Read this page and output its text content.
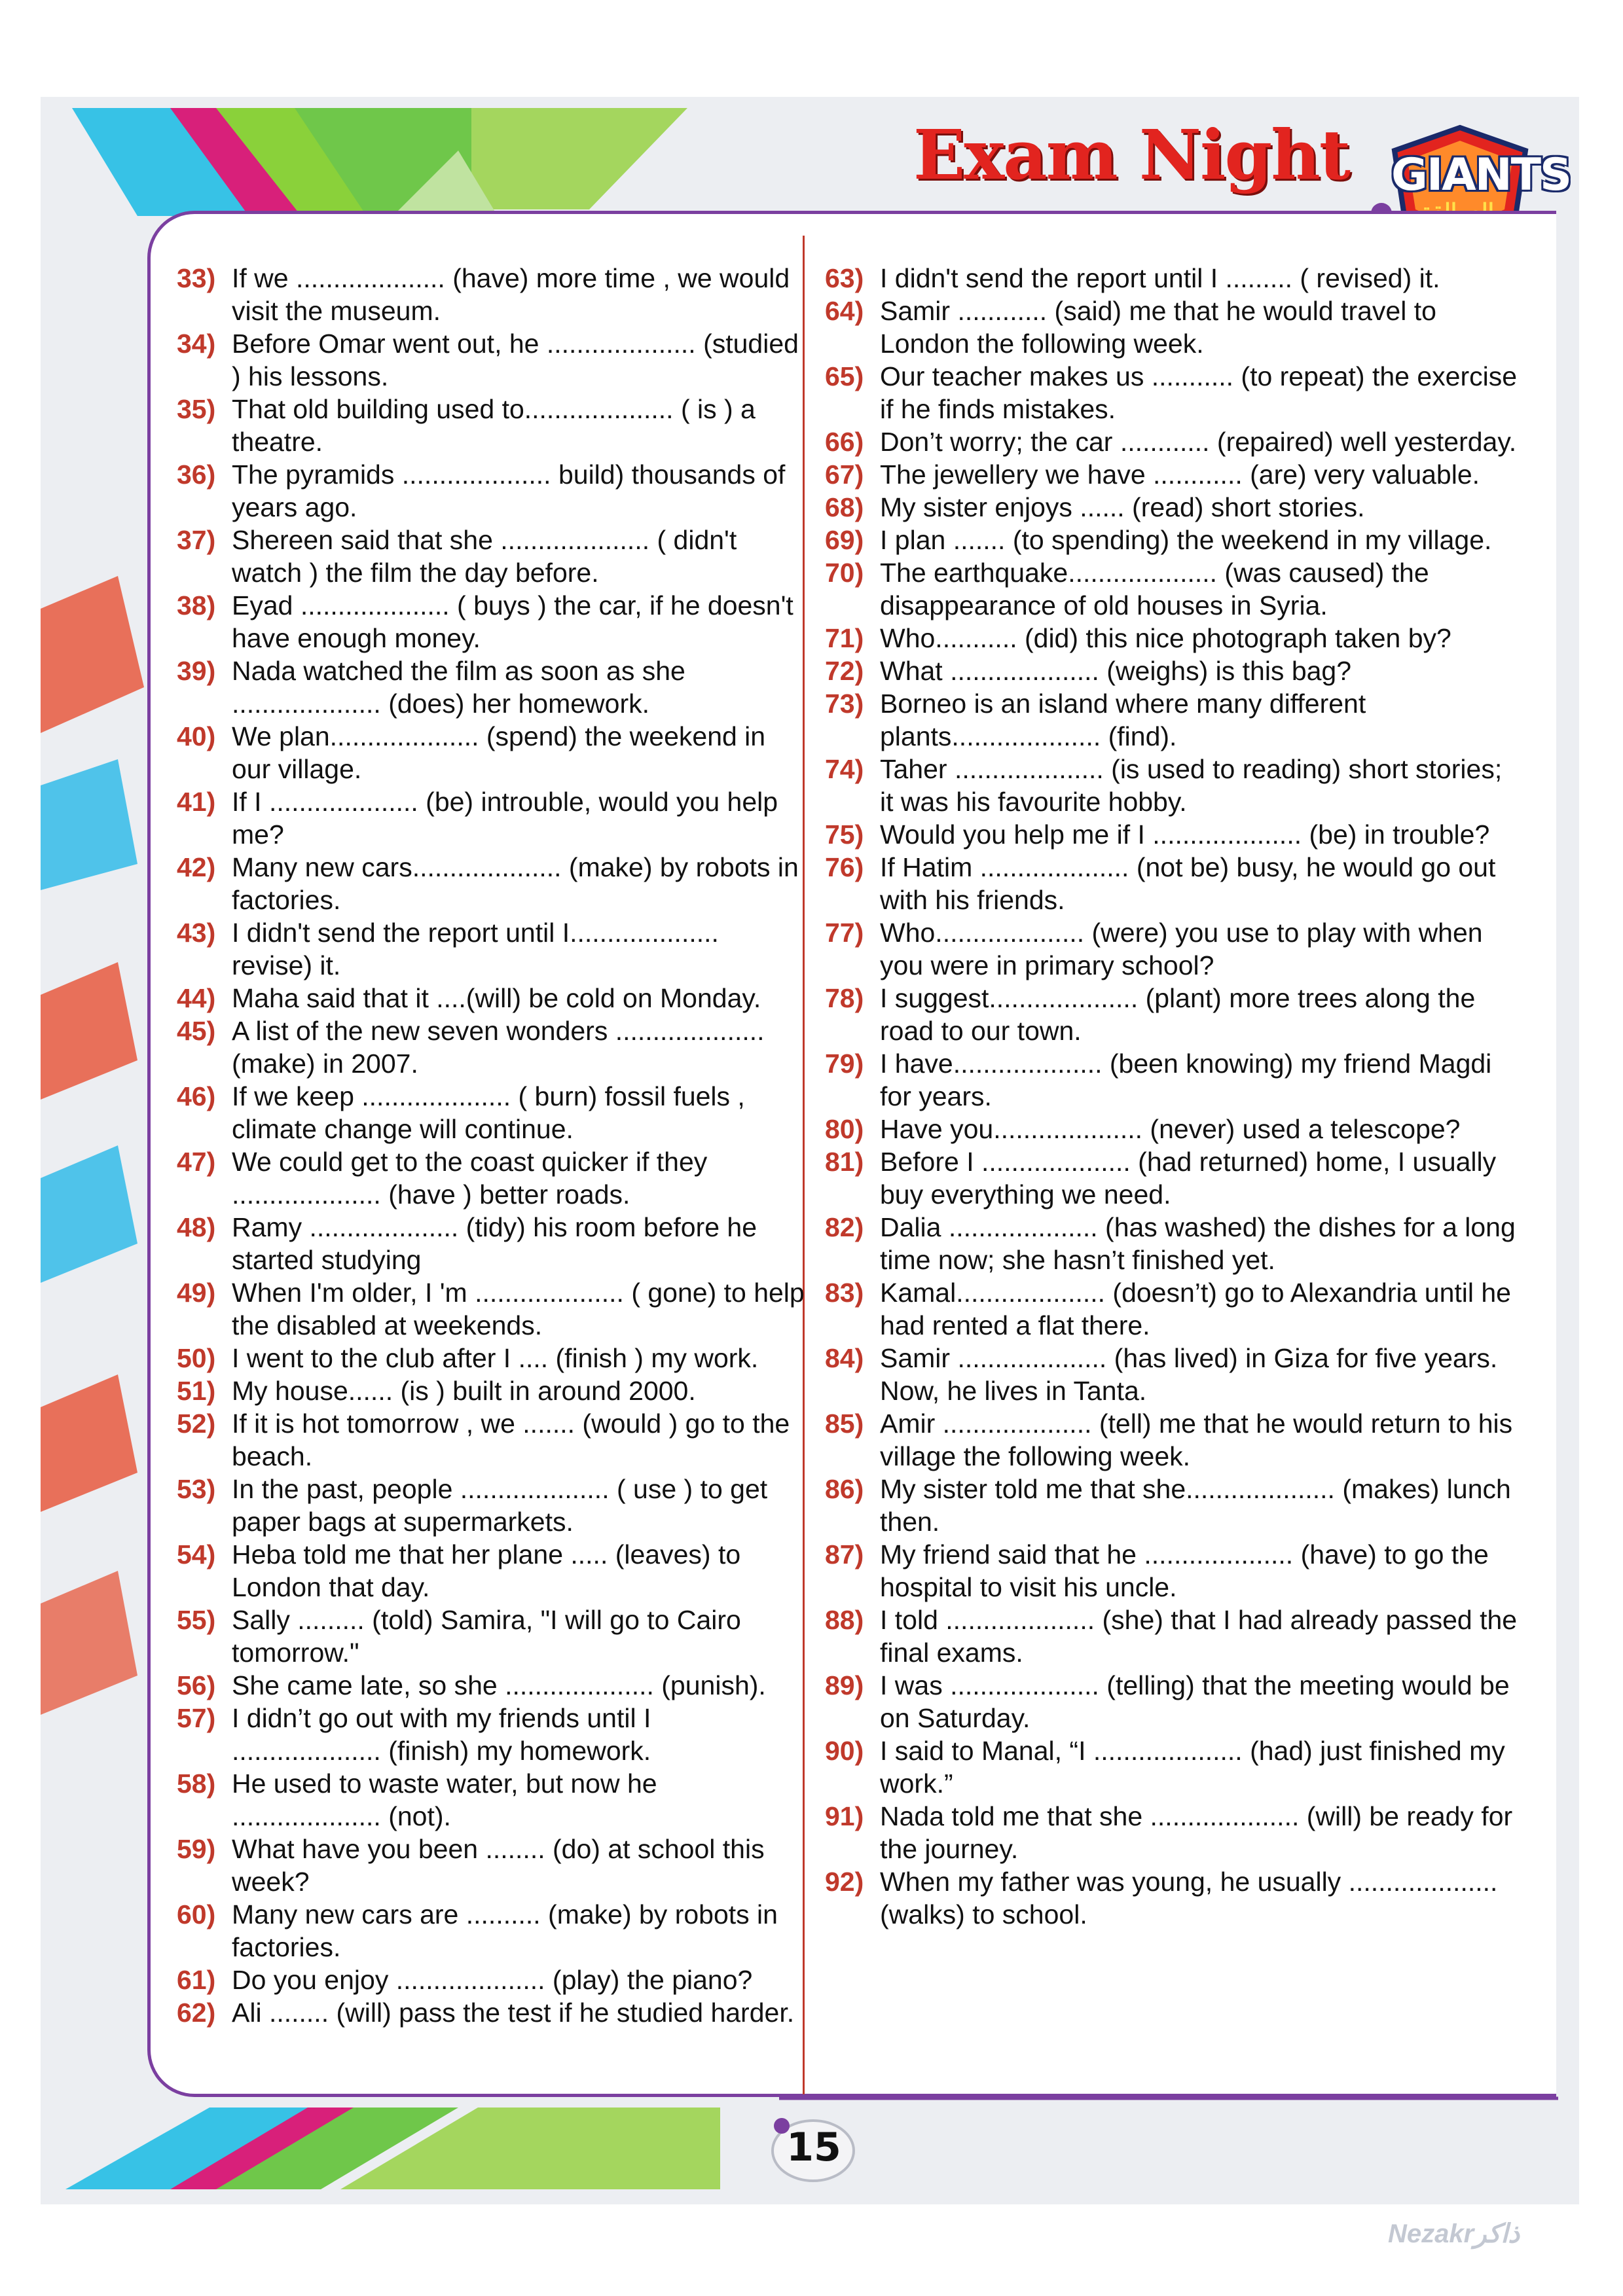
Exam Night GIANTS
33) If we .................... (have) more time , we would visit the museum.
34) Before Omar went out, he .................... (studied ) his lessons.
35) That old building used to.................... ( is ) a theatre.
36) The pyramids .................... build) thousands of years ago.
37) Shereen said that she .................... ( didn't watch ) the film the day before.
38) Eyad .................... ( buys ) the car, if he doesn't have enough money.
39) Nada watched the film as soon as she .................... (does) her homework.
40) We plan.................... (spend) the weekend in our village.
41) If I .................... (be) introuble, would you help me?
42) Many new cars.................... (make) by robots in factories.
43) I didn't send the report until I.................... revise) it.
44) Maha said that it ....(will) be cold on Monday.
45) A list of the new seven wonders .................... (make) in 2007.
46) If we keep .................... ( burn) fossil fuels , climate change will continue.
47) We could get to the coast quicker if they .................... (have ) better roads.
48) Ramy .................... (tidy) his room before he started studying
49) When I'm older, I 'm .................... ( gone) to help the disabled at weekends.
50) I went to the club after I .... (finish ) my work.
51) My house...... (is ) built in around 2000.
52) If it is hot tomorrow , we ....... (would ) go to the beach.
53) In the past, people .................... ( use ) to get paper bags at supermarkets.
54) Heba told me that her plane ..... (leaves) to London that day.
55) Sally ......... (told) Samira, "I will go to Cairo tomorrow."
56) She came late, so she .................... (punish).
57) I didn’t go out with my friends until I .................... (finish) my homework.
58) He used to waste water, but now he .................... (not).
59) What have you been ........ (do) at school this week?
60) Many new cars are .......... (make) by robots in factories.
61) Do you enjoy .................... (play) the piano?
62) Ali ........ (will) pass the test if he studied harder.
63) I didn't send the report until I ......... ( revised) it.
64) Samir ............ (said) me that he would travel to London the following week.
65) Our teacher makes us ........... (to repeat) the exercise if he finds mistakes.
66) Don’t worry; the car ............ (repaired) well yesterday.
67) The jewellery we have ............ (are) very valuable.
68) My sister enjoys ...... (read) short stories.
69) I plan ....... (to spending) the weekend in my village.
70) The earthquake.................... (was caused) the disappearance of old houses in Syria.
71) Who........... (did) this nice photograph taken by?
72) What .................... (weighs) is this bag?
73) Borneo is an island where many different plants.................... (find).
74) Taher .................... (is used to reading) short stories; it was his favourite hobby.
75) Would you help me if I .................... (be) in trouble?
76) If Hatim .................... (not be) busy, he would go out with his friends.
77) Who.................... (were) you use to play with when you were in primary school?
78) I suggest.................... (plant) more trees along the road to our town.
79) I have.................... (been knowing) my friend Magdi for years.
80) Have you.................... (never) used a telescope?
81) Before I .................... (had returned) home, I usually buy everything we need.
82) Dalia .................... (has washed) the dishes for a long time now; she hasn’t finished yet.
83) Kamal.................... (doesn’t) go to Alexandria until he had rented a flat there.
84) Samir .................... (has lived) in Giza for five years. Now, he lives in Tanta.
85) Amir .................... (tell) me that he would return to his village the following week.
86) My sister told me that she.................... (makes) lunch then.
87) My friend said that he .................... (have) to go the hospital to visit his uncle.
88) I told .................... (she) that I had already passed the final exams.
89) I was .................... (telling) that the meeting would be on Saturday.
90) I said to Manal, “I .................... (had) just finished my work.”
91) Nada told me that she .................... (will) be ready for the journey.
92) When my father was young, he usually .................... (walks) to school.
15
Nezakrذاكر
